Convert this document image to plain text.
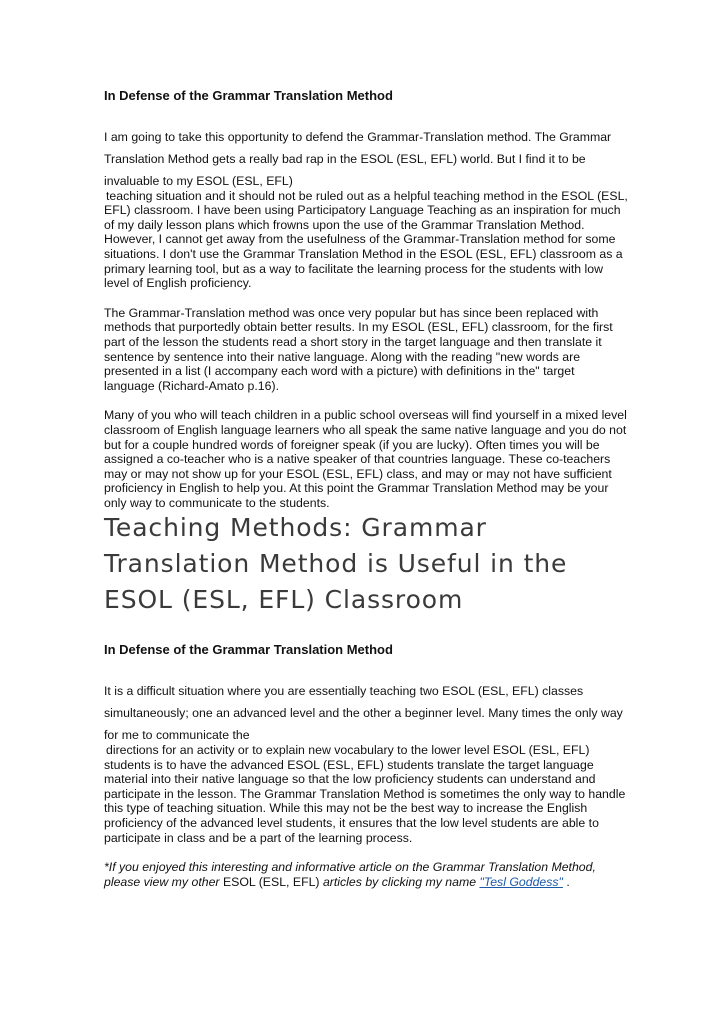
In Defense of the Grammar Translation Method

I am going to take this opportunity to defend the Grammar-Translation method. The Grammar

Translation Method gets a really bad rap in the ESOL (ESL, EFL) world. But I find it to be

invaluable to my ESOL (ESL, EFL)

teaching situation and it should not be ruled out as a helpful teaching method in the ESOL (ESL, EFL) classroom. I have been using Participatory Language Teaching as an inspiration for much of my daily lesson plans which frowns upon the use of the Grammar Translation Method. However, I cannot get away from the usefulness of the Grammar-Translation method for some situations. I don't use the Grammar Translation Method in the ESOL (ESL, EFL) classroom as a primary learning tool, but as a way to facilitate the learning process for the students with low level of English proficiency.

The Grammar-Translation method was once very popular but has since been replaced with methods that purportedly obtain better results. In my ESOL (ESL, EFL) classroom, for the first part of the lesson the students read a short story in the target language and then translate it sentence by sentence into their native language. Along with the reading "new words are presented in a list (I accompany each word with a picture) with definitions in the" target language (Richard-Amato p.16).

Many of you who will teach children in a public school overseas will find yourself in a mixed level classroom of English language learners who all speak the same native language and you do not but for a couple hundred words of foreigner speak (if you are lucky). Often times you will be assigned a co-teacher who is a native speaker of that countries language. These co-teachers may or may not show up for your ESOL (ESL, EFL) class, and may or may not have sufficient proficiency in English to help you. At this point the Grammar Translation Method may be your only way to communicate to the students.

Teaching Methods: Grammar Translation Method is Useful in the ESOL (ESL, EFL) Classroom

In Defense of the Grammar Translation Method

It is a difficult situation where you are essentially teaching two ESOL (ESL, EFL) classes

simultaneously; one an advanced level and the other a beginner level. Many times the only way

for me to communicate the

directions for an activity or to explain new vocabulary to the lower level ESOL (ESL, EFL) students is to have the advanced ESOL (ESL, EFL) students translate the target language material into their native language so that the low proficiency students can understand and participate in the lesson. The Grammar Translation Method is sometimes the only way to handle this type of teaching situation. While this may not be the best way to increase the English proficiency of the advanced level students, it ensures that the low level students are able to participate in class and be a part of the learning process.

*If you enjoyed this interesting and informative article on the Grammar Translation Method, please view my other ESOL (ESL, EFL) articles by clicking my name "Tesl Goddess" .
